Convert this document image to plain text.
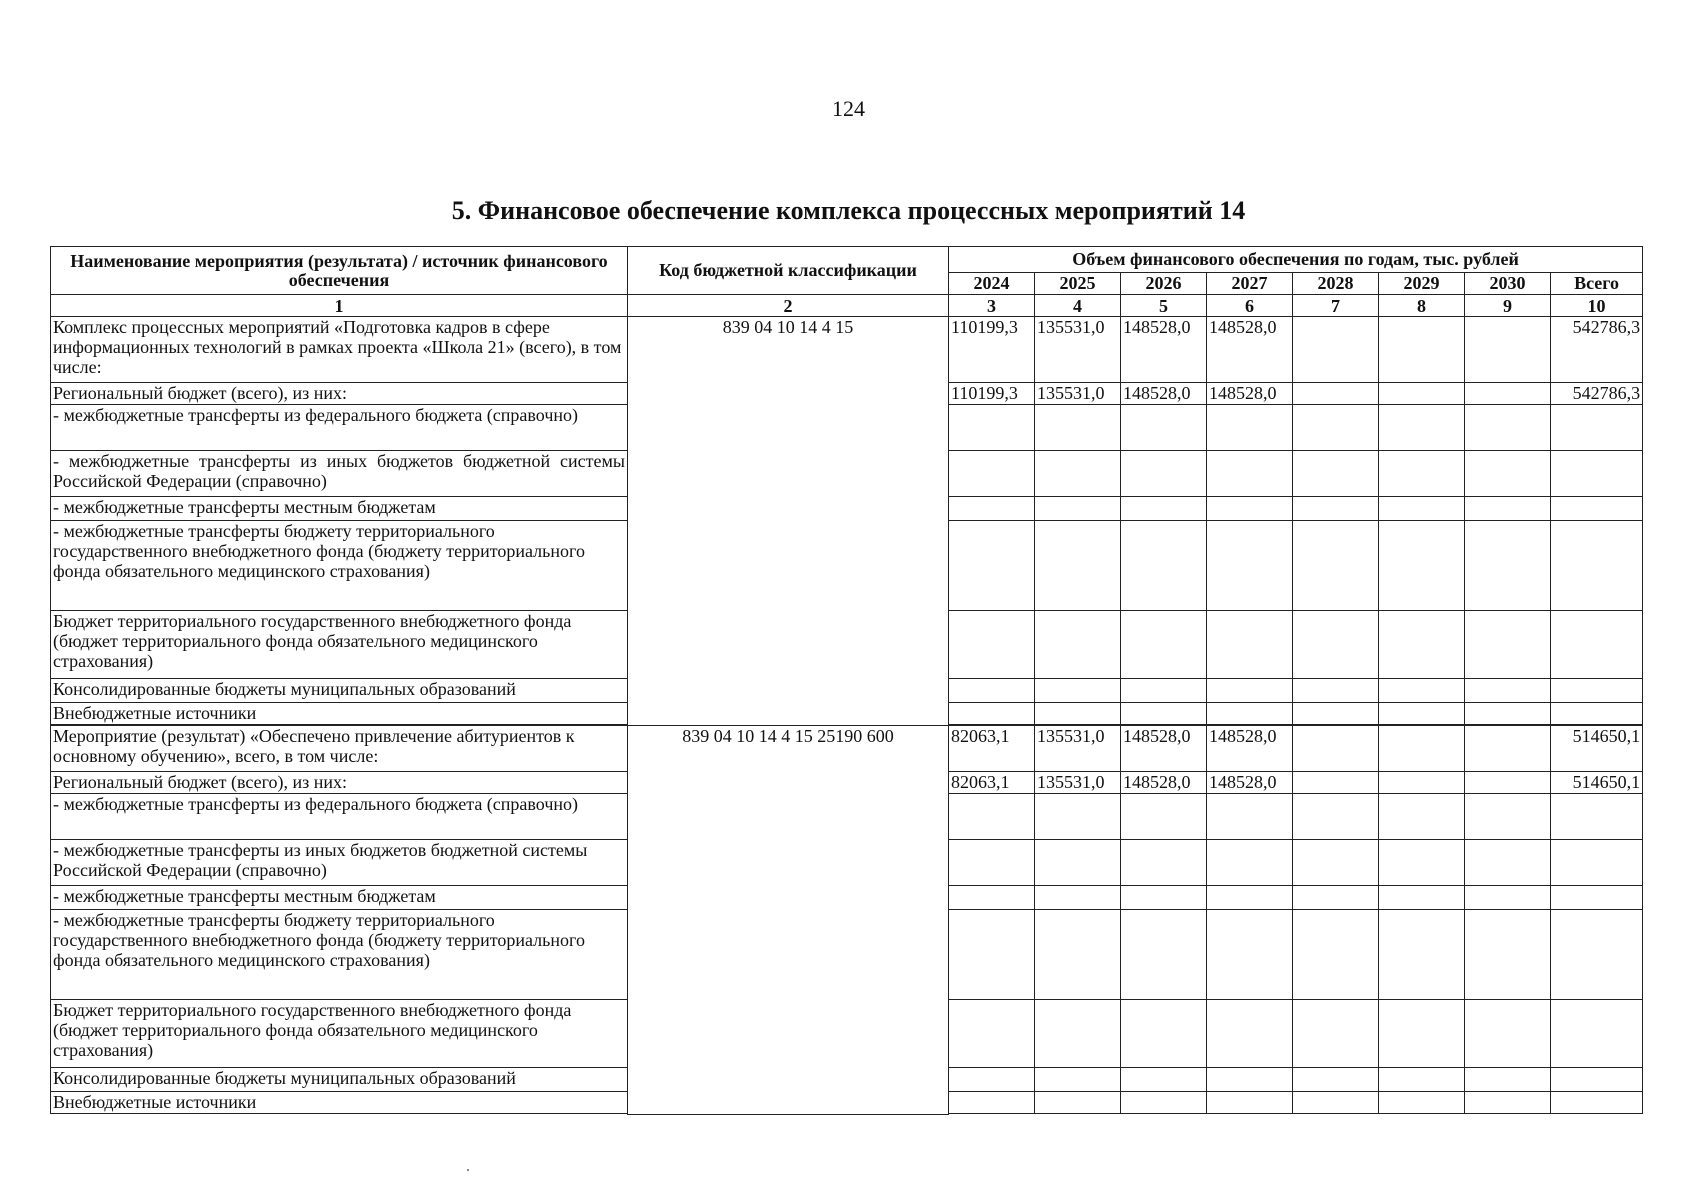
124
5. Финансовое обеспечение комплекса процессных мероприятий 14
Наименование мероприятия (результата) / источник финансового обеспечения	Код бюджетной классификации	Объем финансового обеспечения по годам, тыс. рублей							
		2024	2025	2026	2027	2028	2029	2030	Всего
1	2	3	4	5	6	7	8	9	10
Комплекс процессных мероприятий «Подготовка кадров в сфере информационных технологий в рамках проекта «Школа 21» (всего), в том числе:	839 04 10 14 4 15	110199,3	135531,0	148528,0	148528,0				542786,3
Региональный бюджет (всего), из них:		110199,3	135531,0	148528,0	148528,0				542786,3
- межбюджетные трансферты из федерального бюджета (справочно)									

- межбюджетные трансферты из иных бюджетов бюджетной системы Российской Федерации (справочно)									

- межбюджетные трансферты местным бюджетам									
- межбюджетные трансферты бюджету территориального государственного внебюджетного фонда (бюджету территориального фонда обязательного медицинского страхования)									
Бюджет территориального государственного внебюджетного фонда (бюджет территориального фонда обязательного медицинского страхования)									
Консолидированные бюджеты муниципальных образований									
Внебюджетные источники									

Мероприятие (результат) «Обеспечено привлечение абитуриентов к основному обучению», всего, в том числе:	839 04 10 14 4 15 25190 600	82063,1	135531,0	148528,0	148528,0				514650,1
Региональный бюджет (всего), из них:		82063,1	135531,0	148528,0	148528,0				514650,1
- межбюджетные трансферты из федерального бюджета (справочно)									
- межбюджетные трансферты из иных бюджетов бюджетной системы Российской Федерации (справочно)									
- межбюджетные трансферты местным бюджетам									
- межбюджетные трансферты бюджету территориального государственного внебюджетного фонда (бюджету территориального фонда обязательного медицинского страхования)									
Бюджет территориального государственного внебюджетного фонда (бюджет территориального фонда обязательного медицинского страхования)									
Консолидированные бюджеты муниципальных образований									
Внебюджетные источники									
